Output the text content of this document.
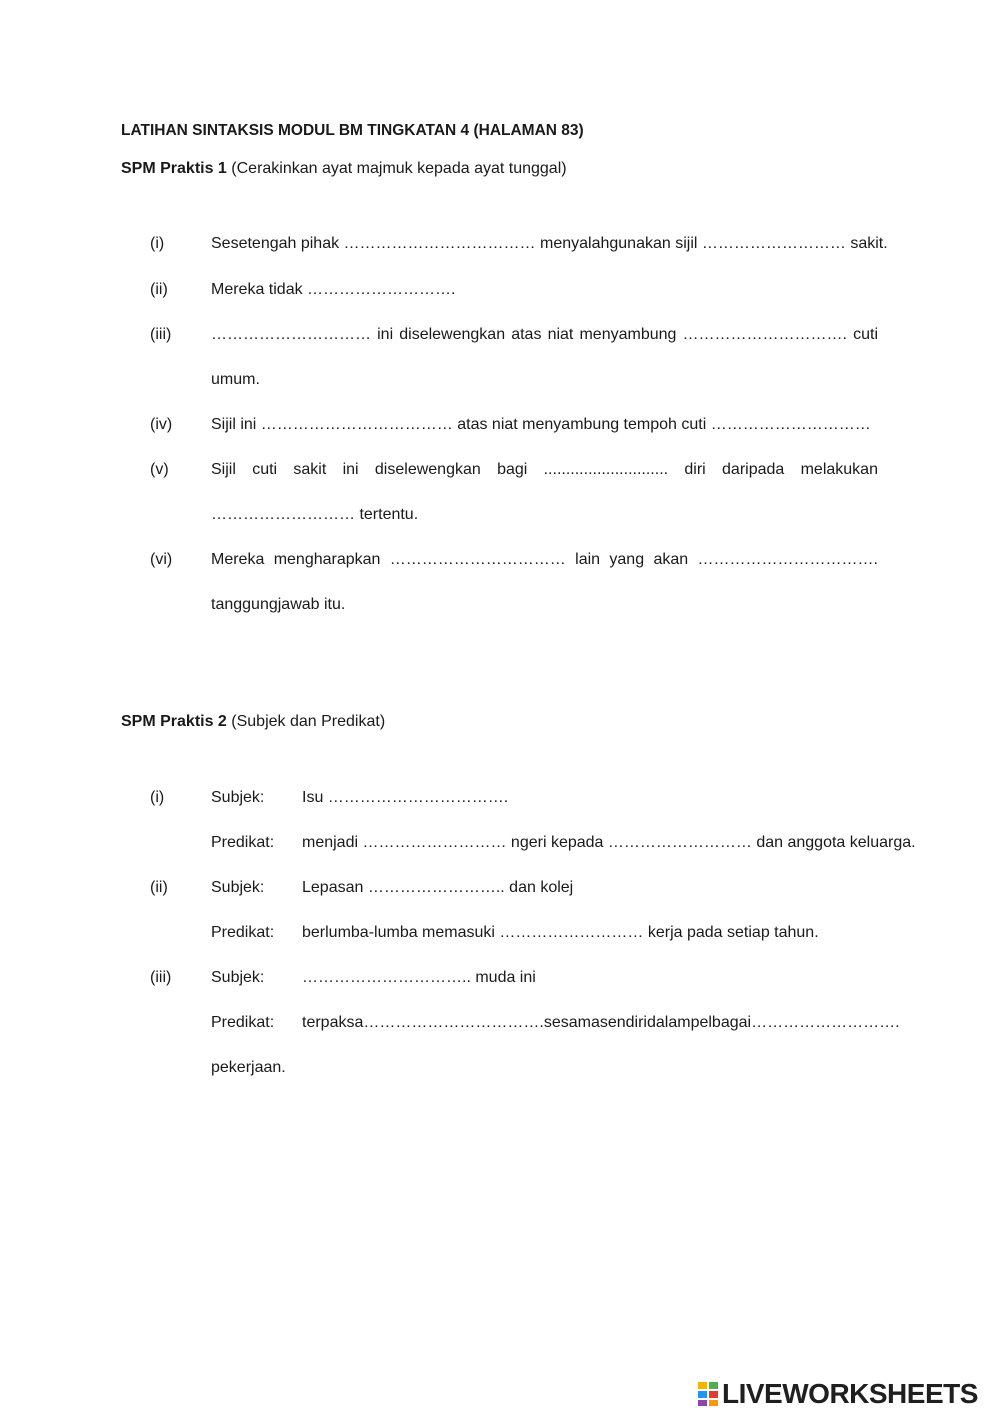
LATIHAN SINTAKSIS MODUL BM TINGKATAN 4 (HALAMAN 83)
SPM Praktis 1 (Cerakinkan ayat majmuk kepada ayat tunggal)
(i)	Sesetengah pihak ……………………………… menyalahgunakan sijil ……………………… sakit.
(ii)	Mereka tidak ……………………….
(iii) ………………………… ini diselewengkan atas niat menyambung …………………………. cuti
umum.
(iv) Sijil ini ……………………………… atas niat menyambung tempoh cuti …………………………
(v)	Sijil cuti sakit ini diselewengkan bagi ............................ diri daripada melakukan
……………………… tertentu.
(vi) Mereka mengharapkan …………………………… lain yang akan …………………………….
tanggungjawab itu.
SPM Praktis 2 (Subjek dan Predikat)
(i)	Subjek: Isu …………………………….
Predikat: menjadi ……………………… ngeri kepada ……………………… dan anggota keluarga.
(ii)	Subjek: Lepasan …………………….. dan kolej
Predikat: berlumba-lumba memasuki ……………………… kerja pada setiap tahun.
(iii) Subjek: ………………………….. muda ini
Predikat: terpaksa……………………………. sesama sendiri dalam pelbagai ……………………….
pekerjaan.
LIVEWORKSHEETS
